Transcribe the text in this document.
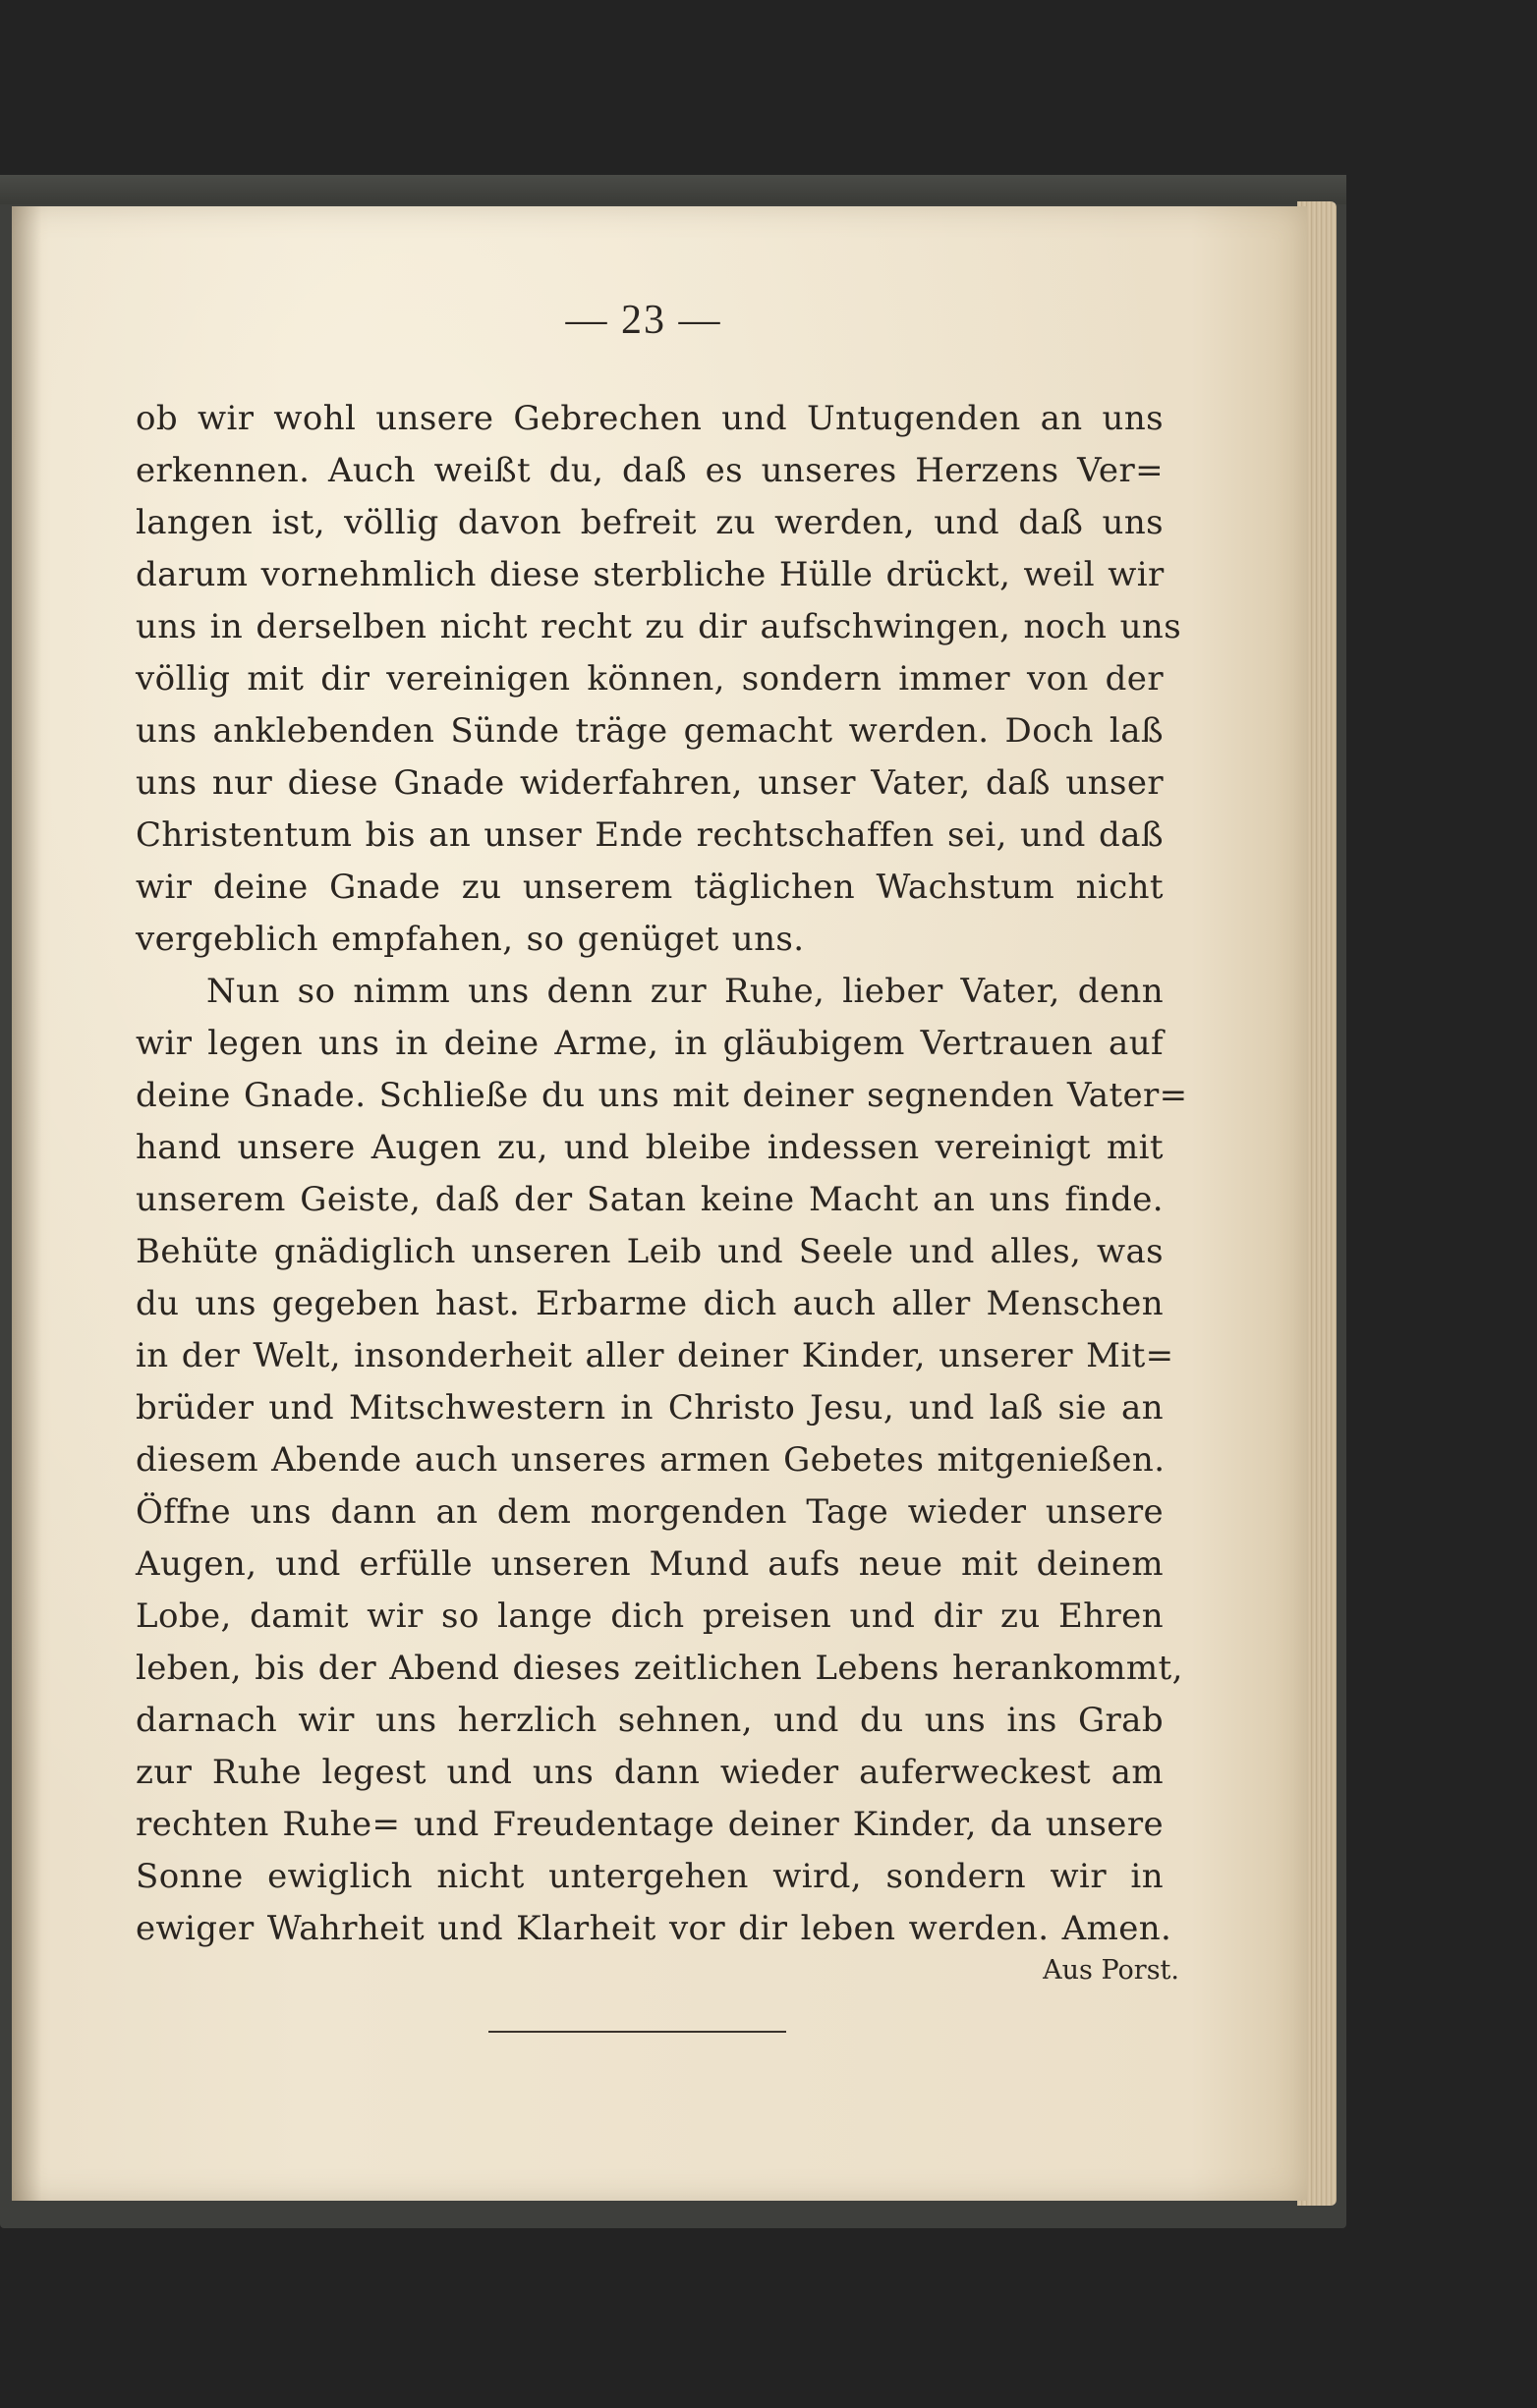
— 23 —
ob wir wohl unsere Gebrechen und Untugenden an uns
erkennen. Auch weißt du, daß es unseres Herzens Ver=
langen ist, völlig davon befreit zu werden, und daß uns
darum vornehmlich diese sterbliche Hülle drückt, weil wir
uns in derselben nicht recht zu dir aufschwingen, noch uns
völlig mit dir vereinigen können, sondern immer von der
uns anklebenden Sünde träge gemacht werden. Doch laß
uns nur diese Gnade widerfahren, unser Vater, daß unser
Christentum bis an unser Ende rechtschaffen sei, und daß
wir deine Gnade zu unserem täglichen Wachstum nicht
vergeblich empfahen, so genüget uns.
Nun so nimm uns denn zur Ruhe, lieber Vater, denn
wir legen uns in deine Arme, in gläubigem Vertrauen auf
deine Gnade. Schließe du uns mit deiner segnenden Vater=
hand unsere Augen zu, und bleibe indessen vereinigt mit
unserem Geiste, daß der Satan keine Macht an uns finde.
Behüte gnädiglich unseren Leib und Seele und alles, was
du uns gegeben hast. Erbarme dich auch aller Menschen
in der Welt, insonderheit aller deiner Kinder, unserer Mit=
brüder und Mitschwestern in Christo Jesu, und laß sie an
diesem Abende auch unseres armen Gebetes mitgenießen.
Öffne uns dann an dem morgenden Tage wieder unsere
Augen, und erfülle unseren Mund aufs neue mit deinem
Lobe, damit wir so lange dich preisen und dir zu Ehren
leben, bis der Abend dieses zeitlichen Lebens herankommt,
darnach wir uns herzlich sehnen, und du uns ins Grab
zur Ruhe legest und uns dann wieder auferweckest am
rechten Ruhe= und Freudentage deiner Kinder, da unsere
Sonne ewiglich nicht untergehen wird, sondern wir in
ewiger Wahrheit und Klarheit vor dir leben werden. Amen.
Aus Porst.
